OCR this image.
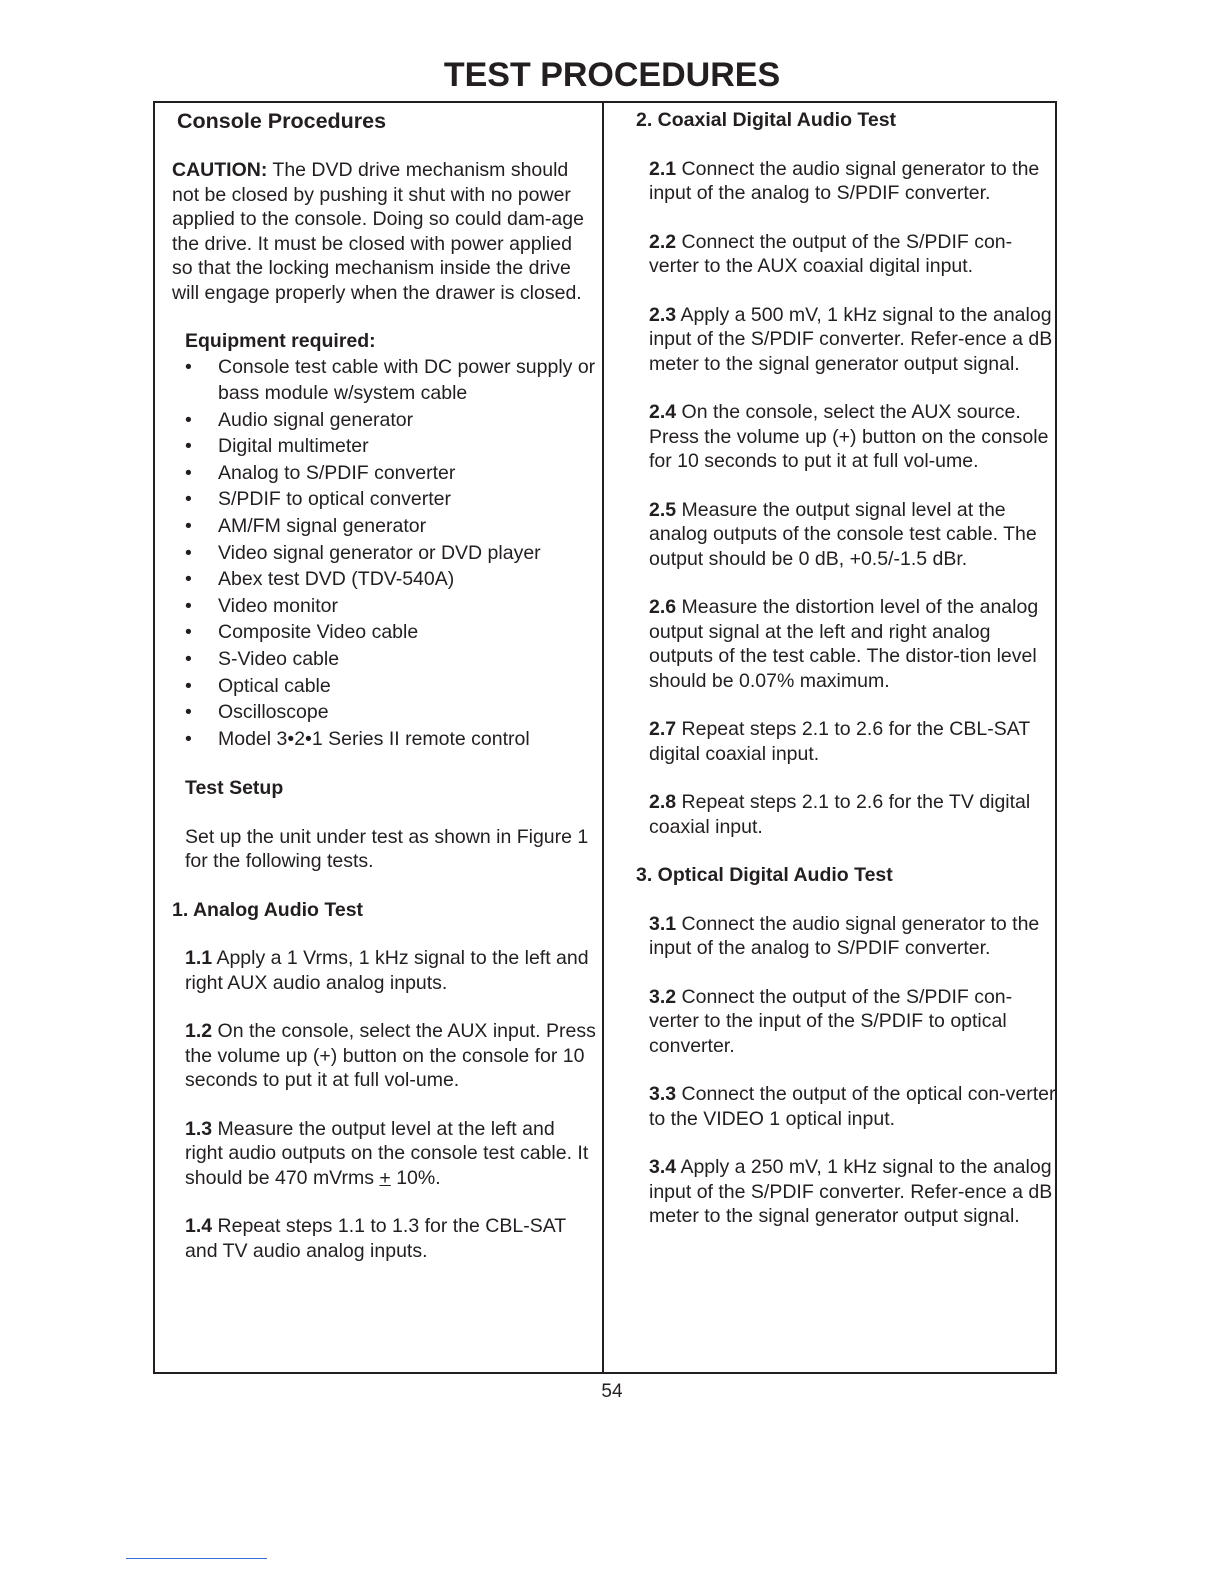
TEST PROCEDURES
Console Procedures

CAUTION: The DVD drive mechanism should not be closed by pushing it shut with no power applied to the console. Doing so could dam-age the drive. It must be closed with power applied so that the locking mechanism inside the drive will engage properly when the drawer is closed.

Equipment required:
• Console test cable with DC power supply or bass module w/system cable
• Audio signal generator
• Digital multimeter
• Analog to S/PDIF converter
• S/PDIF to optical converter
• AM/FM signal generator
• Video signal generator or DVD player
• Abex test DVD (TDV-540A)
• Video monitor
• Composite Video cable
• S-Video cable
• Optical cable
• Oscilloscope
• Model 3•2•1 Series II remote control
Test Setup

Set up the unit under test as shown in Figure 1 for the following tests.

1. Analog Audio Test

1.1 Apply a 1 Vrms, 1 kHz signal to the left and right AUX audio analog inputs.

1.2 On the console, select the AUX input. Press the volume up (+) button on the console for 10 seconds to put it at full vol-ume.

1.3 Measure the output level at the left and right audio outputs on the console test cable. It should be 470 mVrms + 10%.

1.4 Repeat steps 1.1 to 1.3 for the CBL-SAT and TV audio analog inputs.

2. Coaxial Digital Audio Test

2.1 Connect the audio signal generator to the input of the analog to S/PDIF converter.

2.2 Connect the output of the S/PDIF con-verter to the AUX coaxial digital input.

2.3 Apply a 500 mV, 1 kHz signal to the analog input of the S/PDIF converter. Refer-ence a dB meter to the signal generator output signal.

2.4 On the console, select the AUX source. Press the volume up (+) button on the console for 10 seconds to put it at full vol-ume.

2.5 Measure the output signal level at the analog outputs of the console test cable. The output should be 0 dB, +0.5/-1.5 dBr.

2.6 Measure the distortion level of the analog output signal at the left and right analog outputs of the test cable. The distor-tion level should be 0.07% maximum.

2.7 Repeat steps 2.1 to 2.6 for the CBL-SAT digital coaxial input.

2.8 Repeat steps 2.1 to 2.6 for the TV digital coaxial input.

3. Optical Digital Audio Test

3.1 Connect the audio signal generator to the input of the analog to S/PDIF converter.

3.2 Connect the output of the S/PDIF con-verter to the input of the S/PDIF to optical converter.

3.3 Connect the output of the optical con-verter to the VIDEO 1 optical input.

3.4 Apply a 250 mV, 1 kHz signal to the analog input of the S/PDIF converter. Refer-ence a dB meter to the signal generator output signal.

54
